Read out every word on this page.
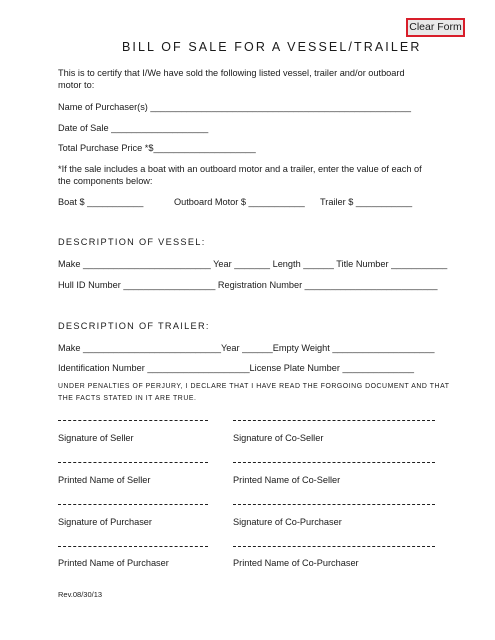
Clear Form
BILL OF SALE FOR A VESSEL/TRAILER
This is to certify that I/We have sold the following listed vessel, trailer and/or outboard
motor to:
Name of Purchaser(s) ___________________________________________________
Date of Sale ___________________
Total Purchase Price *$____________________
*If the sale includes a boat with an outboard motor and a trailer, enter the value of each of
the components below:
Boat $ ___________	Outboard Motor $ ___________ Trailer $ ___________
DESCRIPTION OF VESSEL:
Make _________________________ Year _______ Length ______ Title Number ___________
Hull ID Number __________________ Registration Number __________________________
DESCRIPTION OF TRAILER:
Make ___________________________Year ______Empty Weight ____________________
Identification Number ____________________License Plate Number ______________
UNDER PENALTIES OF PERJURY, I DECLARE THAT I HAVE READ THE FORGOING DOCUMENT AND THAT
THE FACTS STATED IN IT ARE TRUE.
Signature of Seller	Signature of Co-Seller
Printed Name of Seller	Printed Name of Co-Seller
Signature of Purchaser	Signature of Co-Purchaser
Printed Name of Purchaser	Printed Name of Co-Purchaser
Rev.08/30/13
